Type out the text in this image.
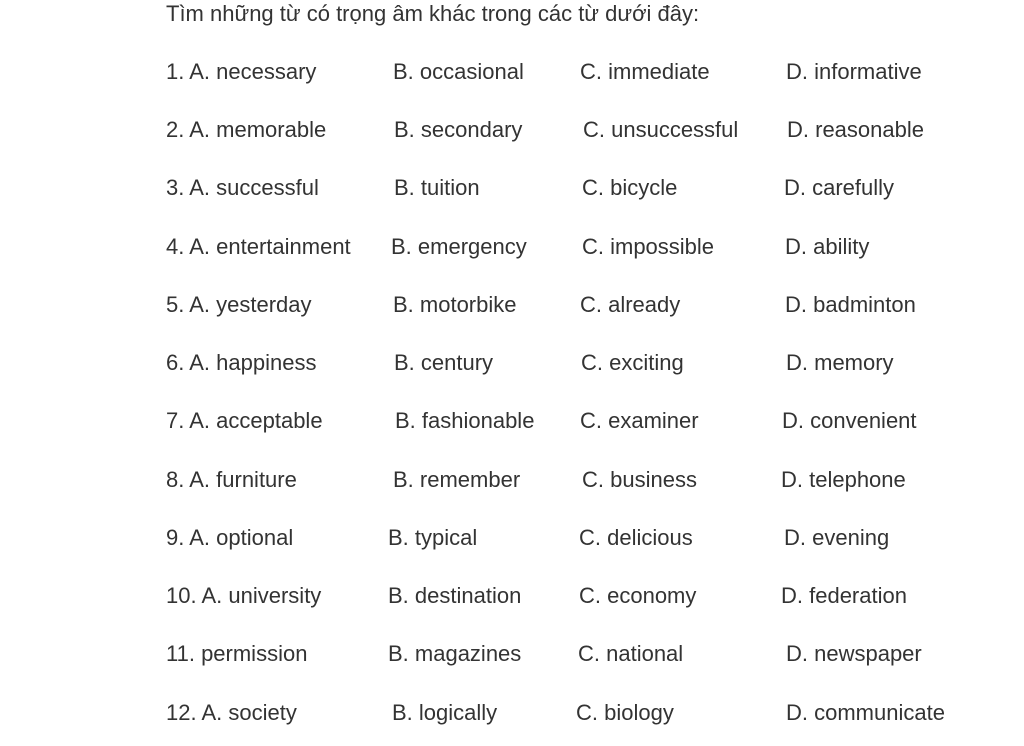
Tìm những từ có trọng âm khác trong các từ dưới đây:
1. A. necessary	B. occasional	C. immediate	D. informative
2. A. memorable	B. secondary	C. unsuccessful D. reasonable
3. A. successful	B. tuition	C. bicycle	D. carefully
4. A. entertainment B. emergency	C. impossible	D. ability
5. A. yesterday	B. motorbike	C. already	D. badminton
6. A. happiness	B. century	C. exciting	D. memory
7. A. acceptable	B. fashionable C. examiner	D. convenient
8. A. furniture	B. remember	C. business	D. telephone
9. A. optional	B. typical	C. delicious	D. evening
10. A. university	B. destination	C. economy	D. federation
11. permission	B. magazines	C. national	D. newspaper
12. A. society	B. logically	C. biology	D. communicate
